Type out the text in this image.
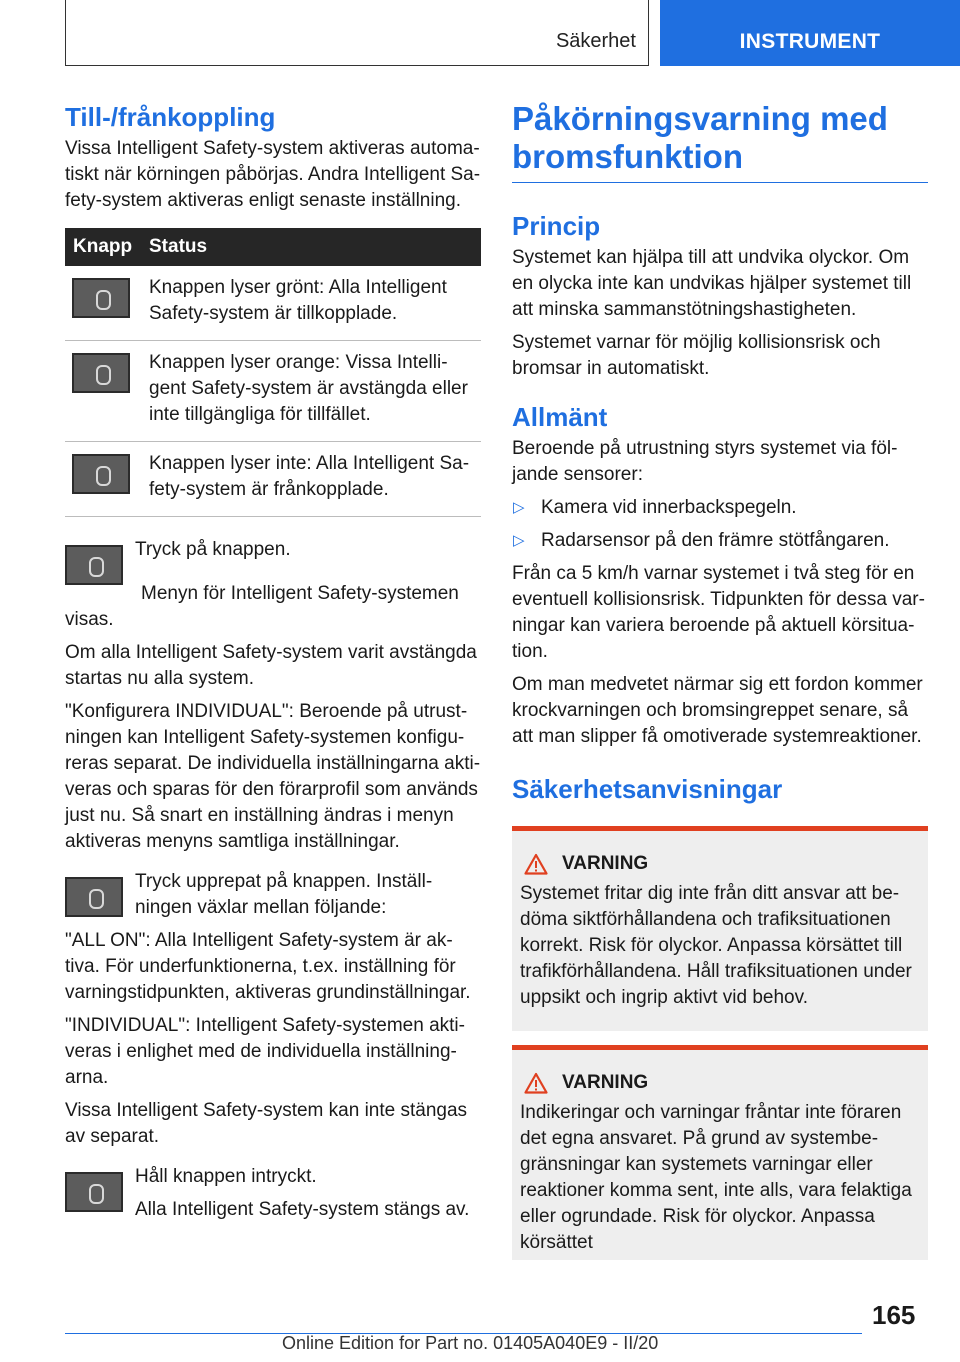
Säkerhet	INSTRUMENT
Till-/frånkoppling

Vissa Intelligent Safety-system aktiveras automatiskt när körningen påbörjas. Andra Intelligent Safety-system aktiveras enligt senaste inställning.

Knapp	Status

	Knappen lyser grönt: Alla Intelligent Safety-system är tillkopplade.

	Knappen lyser orange: Vissa Intelligent Safety-system är avstängda eller inte tillgängliga för tillfället.

	Knappen lyser inte: Alla Intelligent Safety-system är frånkopplade.

Tryck på knappen.

Menyn för Intelligent Safety-systemen visas.

Om alla Intelligent Safety-system varit avstängda startas nu alla system.

"Konfigurera INDIVIDUAL": Beroende på utrustningen kan Intelligent Safety-systemen konfigureras separat. De individuella inställningarna aktiveras och sparas för den förarprofil som används just nu. Så snart en inställning ändras i menyn aktiveras menyns samtliga inställningar.

Tryck upprepat på knappen. Inställningen växlar mellan följande:

"ALL ON": Alla Intelligent Safety-system är aktiva. För underfunktionerna, t.ex. inställning för varningstidpunkten, aktiveras grundinställningar.

"INDIVIDUAL": Intelligent Safety-systemen aktiveras i enlighet med de individuella inställningarna.

Vissa Intelligent Safety-system kan inte stängas av separat.

Håll knappen intryckt.

Alla Intelligent Safety-system stängs av.

Påkörningsvarning med bromsfunktion
Princip

Systemet kan hjälpa till att undvika olyckor. Om en olycka inte kan undvikas hjälper systemet till att minska sammanstötningshastigheten.

Systemet varnar för möjlig kollisionsrisk och bromsar in automatiskt.

Allmänt

Beroende på utrustning styrs systemet via följande sensorer:

▷ Kamera vid innerbackspegeln.
▷ Radarsensor på den främre stötfångaren.

Från ca 5 km/h varnar systemet i två steg för en eventuell kollisionsrisk. Tidpunkten för dessa varningar kan variera beroende på aktuell körsituation.

Om man medvetet närmar sig ett fordon kommer krockvarningen och bromsingreppet senare, så att man slipper få omotiverade systemreaktioner.

Säkerhetsanvisningar
VARNING

Systemet fritar dig inte från ditt ansvar att bedöma siktförhållandena och trafiksituationen korrekt. Risk för olyckor. Anpassa körsättet till trafikförhållandena. Håll trafiksituationen under uppsikt och ingrip aktivt vid behov.

VARNING

Indikeringar och varningar fråntar inte föraren det egna ansvaret. På grund av systembegränsningar kan systemets varningar eller reaktioner komma sent, inte alls, vara felaktiga eller ogrundade. Risk för olyckor. Anpassa körsättet

165
Online Edition for Part no. 01405A040E9 - II/20
